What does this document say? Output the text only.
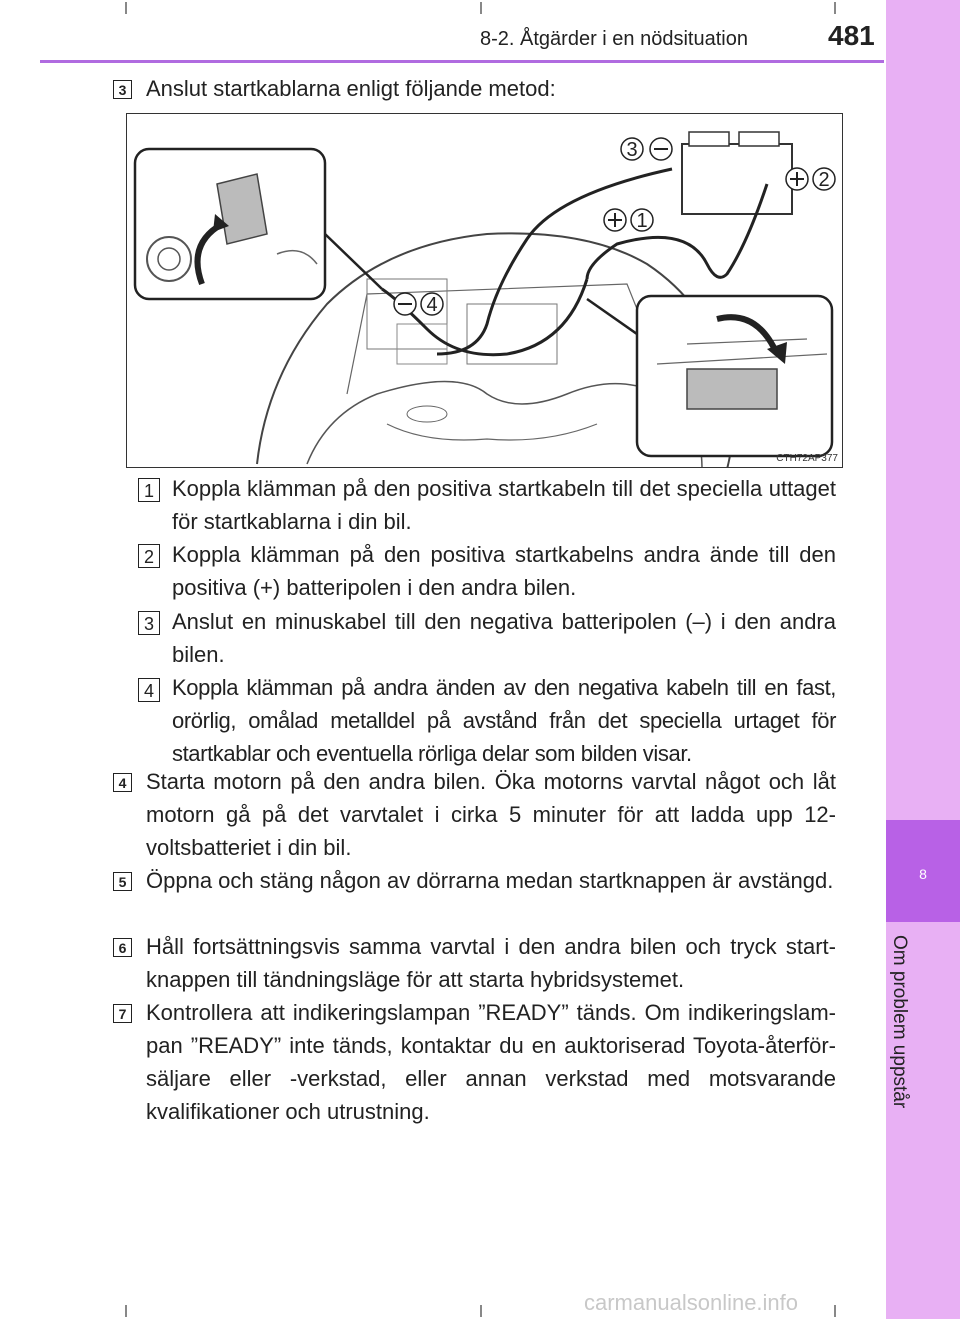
8-2. Åtgärder i en nödsituation	481
8
Om problem uppstår
3 Anslut startkablarna enligt följande metod:
3
2
1
4
CTH72AP377
1 Koppla klämman på den positiva startkabeln till det speciella uttaget för startkablarna i din bil.
2 Koppla klämman på den positiva startkabelns andra ände till den positiva (+) batteripolen i den andra bilen.
3 Anslut en minuskabel till den negativa batteripolen (–) i den andra bilen.
4 Koppla klämman på andra änden av den negativa kabeln till en fast, orörlig, omålad metalldel på avstånd från det speciella urtaget för startkablar och eventuella rörliga delar som bilden visar.
4 Starta motorn på den andra bilen. Öka motorns varvtal något och låt motorn gå på det varvtalet i cirka 5 minuter för att ladda upp 12-voltsbatteriet i din bil.
5 Öppna och stäng någon av dörrarna medan startknappen är avstängd.
6 Håll fortsättningsvis samma varvtal i den andra bilen och tryck start-knappen till tändningsläge för att starta hybridsystemet.
7 Kontrollera att indikeringslampan ”READY” tänds. Om indikeringslam-pan ”READY” inte tänds, kontaktar du en auktoriserad Toyota-återför-säljare eller -verkstad, eller annan verkstad med motsvarande kvalifikationer och utrustning.
carmanualsonline.info
